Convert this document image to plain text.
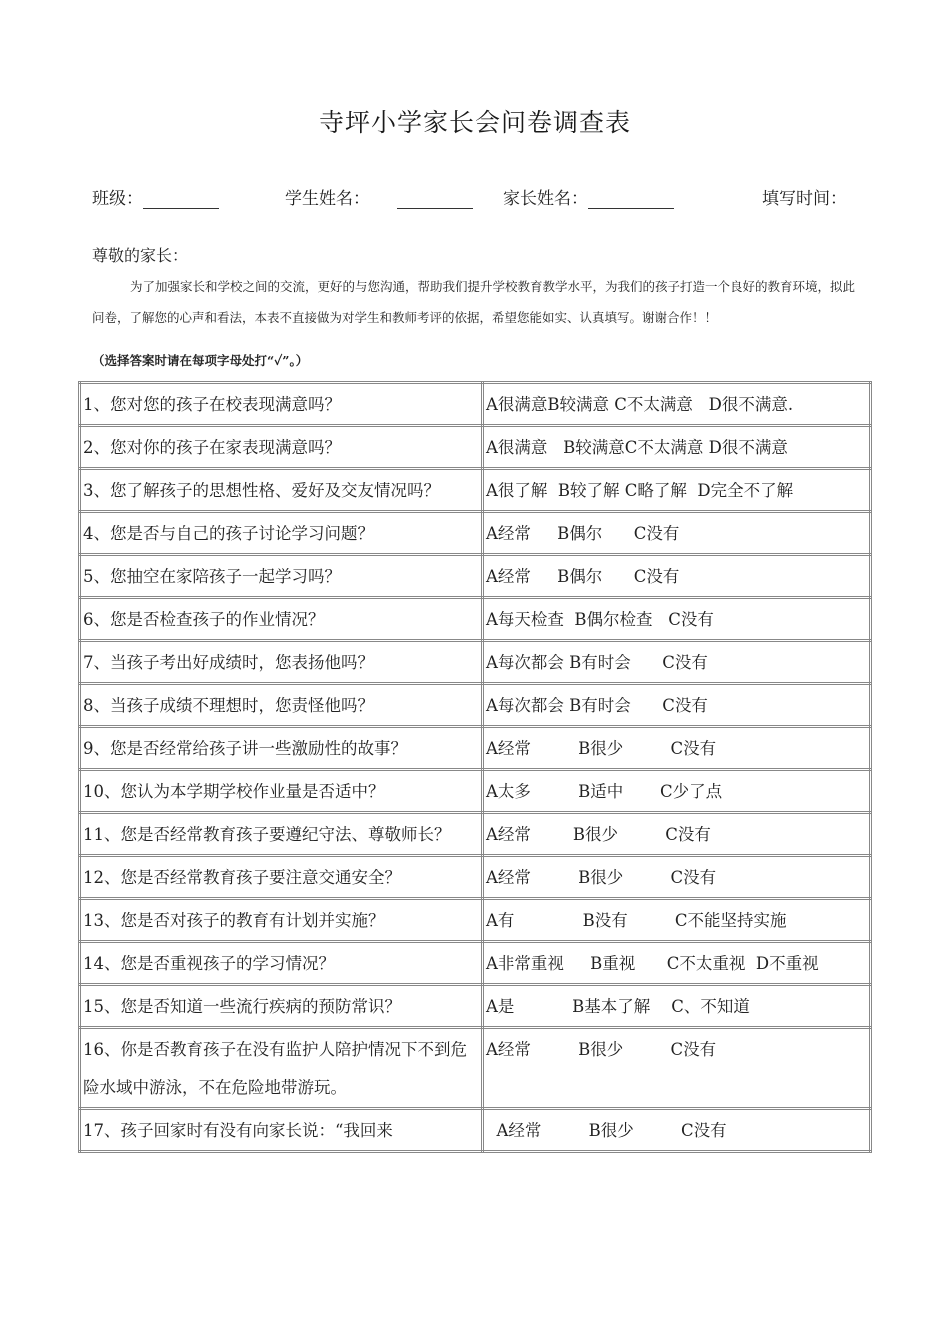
寺坪小学家长会问卷调查表
班级：	学生姓名：	家长姓名：	填写时间：
尊敬的家长：
为了加强家长和学校之间的交流，更好的与您沟通，帮助我们提升学校教育教学水平，为我们的孩子打造一个良好的教育环境，拟此问卷，了解您的心声和看法，本表不直接做为对学生和教师考评的依据，希望您能如实、认真填写。谢谢合作！！
（选择答案时请在每项字母处打“✓”。）
1、您对您的孩子在校表现满意吗？	A很满意B较满意 C不太满意   D很不满意.
2、您对你的孩子在家表现满意吗？	A很满意   B较满意C不太满意 D很不满意
3、您了解孩子的思想性格、爱好及交友情况吗？	A很了解  B较了解 C略了解  D完全不了解
4、您是否与自己的孩子讨论学习问题？	A经常     B偶尔      C没有
5、您抽空在家陪孩子一起学习吗？	A经常     B偶尔      C没有
6、您是否检查孩子的作业情况？	A每天检查  B偶尔检查   C没有
7、当孩子考出好成绩时，您表扬他吗？	A每次都会 B有时会      C没有
8、当孩子成绩不理想时，您责怪他吗？	A每次都会 B有时会      C没有
9、您是否经常给孩子讲一些激励性的故事？	A经常         B很少         C没有
10、您认为本学期学校作业量是否适中？	A太多         B适中       C少了点
11、您是否经常教育孩子要遵纪守法、尊敬师长？	A经常        B很少         C没有
12、您是否经常教育孩子要注意交通安全？	A经常         B很少         C没有
13、您是否对孩子的教育有计划并实施？	A有             B没有         C不能坚持实施
14、您是否重视孩子的学习情况？	A非常重视     B重视      C不太重视  D不重视
15、您是否知道一些流行疾病的预防常识？	A是           B基本了解    C、不知道
16、你是否教育孩子在没有监护人陪护情况下不到危险水域中游泳，不在危险地带游玩。	A经常         B很少         C没有
17、孩子回家时有没有向家长说：“我回来	A经常         B很少         C没有
